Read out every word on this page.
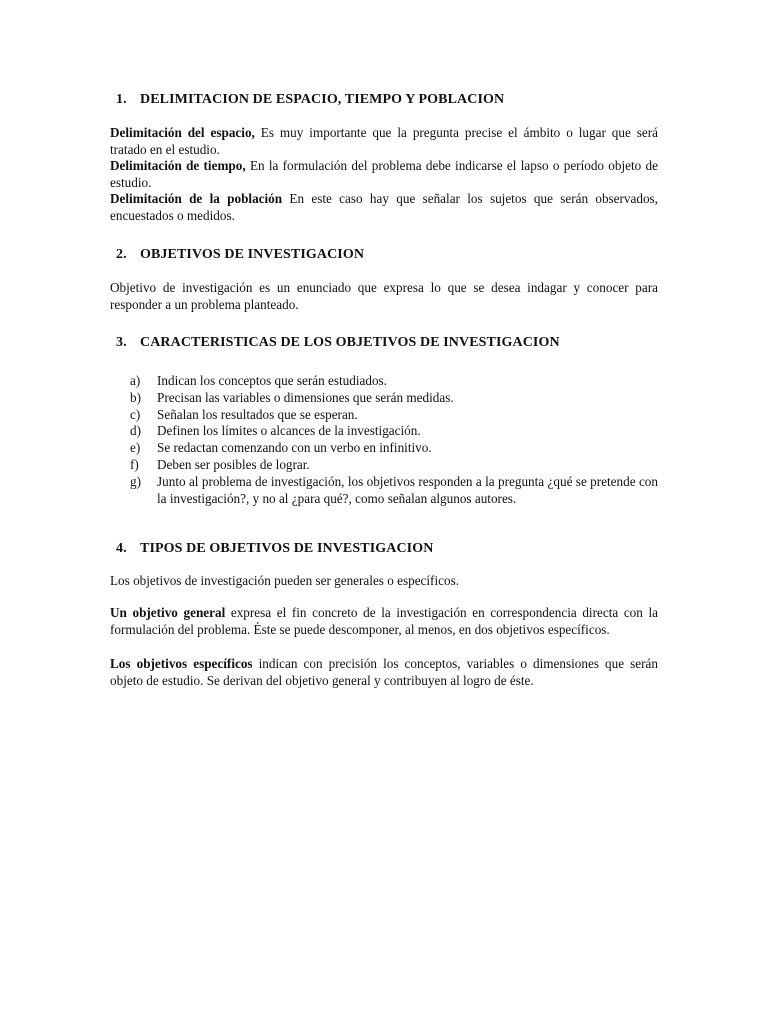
1. DELIMITACION DE ESPACIO, TIEMPO Y POBLACION
Delimitación del espacio, Es muy importante que la pregunta precise el ámbito o lugar que será tratado en el estudio.
Delimitación de tiempo, En la formulación del problema debe indicarse el lapso o período objeto de estudio.
Delimitación de la población En este caso hay que señalar los sujetos que serán observados, encuestados o medidos.
2. OBJETIVOS DE INVESTIGACION
Objetivo de investigación es un enunciado que expresa lo que se desea indagar y conocer para responder a un problema planteado.
3. CARACTERISTICAS DE LOS OBJETIVOS DE INVESTIGACION
a) Indican los conceptos que serán estudiados.
b) Precisan las variables o dimensiones que serán medidas.
c) Señalan los resultados que se esperan.
d) Definen los límites o alcances de la investigación.
e) Se redactan comenzando con un verbo en infinitivo.
f) Deben ser posibles de lograr.
g) Junto al problema de investigación, los objetivos responden a la pregunta ¿qué se pretende con la investigación?, y no al ¿para qué?, como señalan algunos autores.
4. TIPOS DE OBJETIVOS DE INVESTIGACION
Los objetivos de investigación pueden ser generales o específicos.
Un objetivo general expresa el fin concreto de la investigación en correspondencia directa con la formulación del problema. Éste se puede descomponer, al menos, en dos objetivos específicos.
Los objetivos específicos indican con precisión los conceptos, variables o dimensiones que serán objeto de estudio. Se derivan del objetivo general y contribuyen al logro de éste.
